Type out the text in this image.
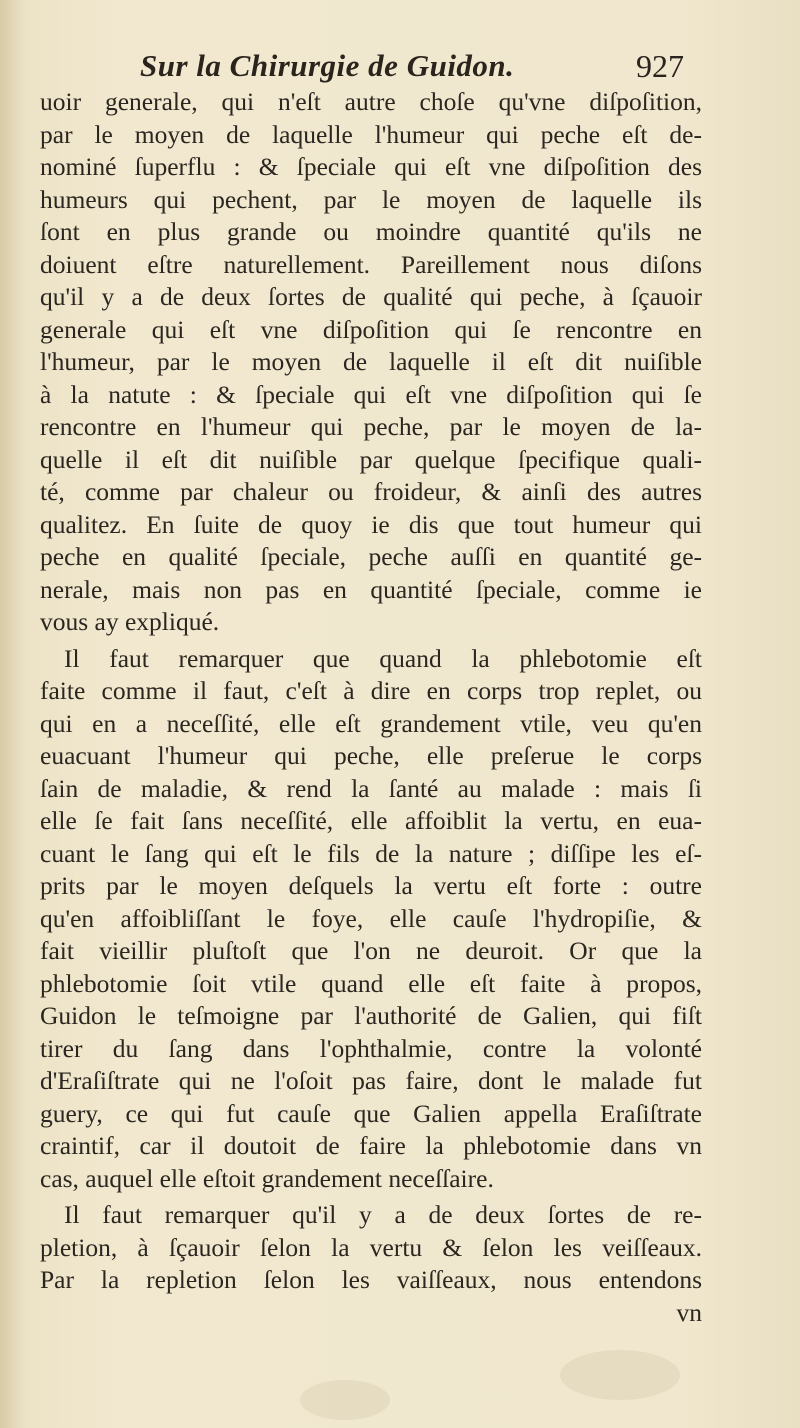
Sur la Chirurgie de Guidon.	927
uoir generale, qui n'eſt autre choſe qu'vne diſpoſition,
par le moyen de laquelle l'humeur qui peche eſt de-
nominé ſuperflu : & ſpeciale qui eſt vne diſpoſition des
humeurs qui pechent, par le moyen de laquelle ils
ſont en plus grande ou moindre quantité qu'ils ne
doiuent eſtre naturellement. Pareillement nous diſons
qu'il y a de deux ſortes de qualité qui peche, à ſçauoir
generale qui eſt vne diſpoſition qui ſe rencontre en
l'humeur, par le moyen de laquelle il eſt dit nuiſible
à la natute : & ſpeciale qui eſt vne diſpoſition qui ſe
rencontre en l'humeur qui peche, par le moyen de la-
quelle il eſt dit nuiſible par quelque ſpecifique quali-
té, comme par chaleur ou froideur, & ainſi des autres
qualitez. En ſuite de quoy ie dis que tout humeur qui
peche en qualité ſpeciale, peche auſſi en quantité ge-
nerale, mais non pas en quantité ſpeciale, comme ie
vous ay expliqué.
Il faut remarquer que quand la phlebotomie eſt
faite comme il faut, c'eſt à dire en corps trop replet, ou
qui en a neceſſité, elle eſt grandement vtile, veu qu'en
euacuant l'humeur qui peche, elle preſerue le corps
ſain de maladie, & rend la ſanté au malade : mais ſi
elle ſe fait ſans neceſſité, elle affoiblit la vertu, en eua-
cuant le ſang qui eſt le fils de la nature ; diſſipe les eſ-
prits par le moyen deſquels la vertu eſt forte : outre
qu'en affoibliſſant le foye, elle cauſe l'hydropiſie, &
fait vieillir pluſtoſt que l'on ne deuroit. Or que la
phlebotomie ſoit vtile quand elle eſt faite à propos,
Guidon le teſmoigne par l'authorité de Galien, qui fiſt
tirer du ſang dans l'ophthalmie, contre la volonté
d'Eraſiſtrate qui ne l'oſoit pas faire, dont le malade fut
guery, ce qui fut cauſe que Galien appella Eraſiſtrate
craintif, car il doutoit de faire la phlebotomie dans vn
cas, auquel elle eſtoit grandement neceſſaire.
Il faut remarquer qu'il y a de deux ſortes de re-
pletion, à ſçauoir ſelon la vertu & ſelon les veiſſeaux.
Par la repletion ſelon les vaiſſeaux, nous entendons
vn
